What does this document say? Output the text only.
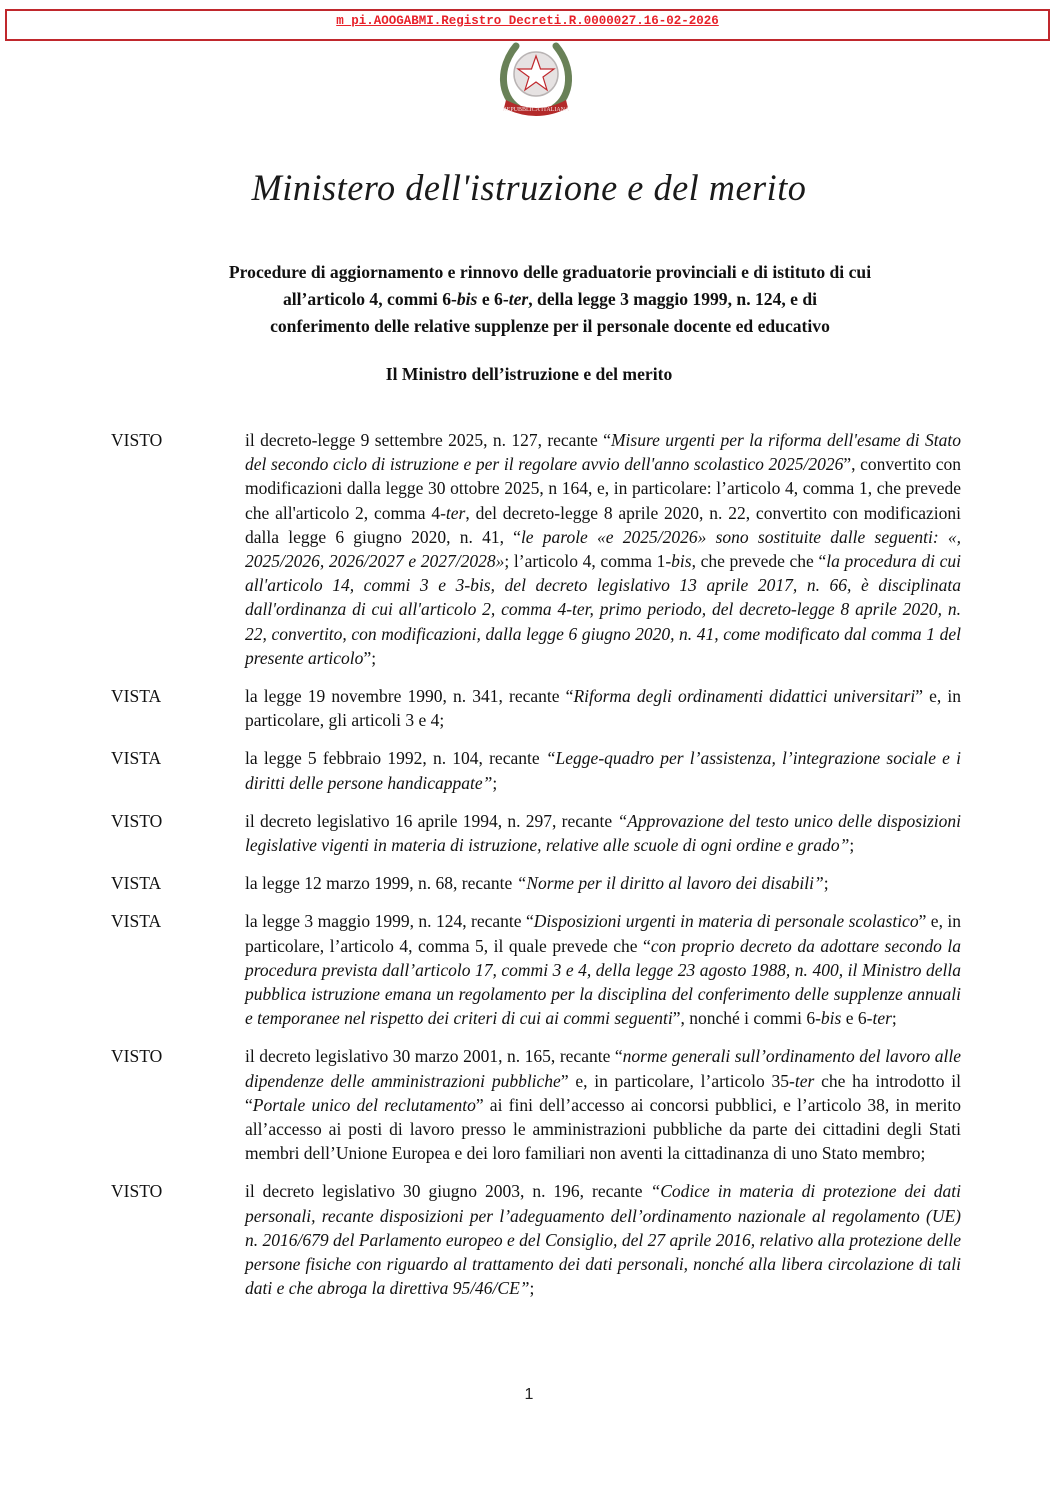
m_pi.AOOGABMI.Registro Decreti.R.0000027.16-02-2026
REPUBBLICA ITALIANA
Ministero dell'istruzione e del merito
Procedure di aggiornamento e rinnovo delle graduatorie provinciali e di istituto di cui
all’articolo 4, commi 6-bis e 6-ter, della legge 3 maggio 1999, n. 124, e di
conferimento delle relative supplenze per il personale docente ed educativo
Il Ministro dell’istruzione e del merito
VISTO	il decreto-legge 9 settembre 2025, n. 127, recante “Misure urgenti per la riforma dell'esame di Stato del secondo ciclo di istruzione e per il regolare avvio dell'anno scolastico 2025/2026”, convertito con modificazioni dalla legge 30 ottobre 2025, n 164, e, in particolare: l’articolo 4, comma 1, che prevede che all'articolo 2, comma 4-ter, del decreto-legge 8 aprile 2020, n. 22, convertito con modificazioni dalla legge 6 giugno 2020, n. 41, “le parole «e 2025/2026» sono sostituite dalle seguenti: «, 2025/2026, 2026/2027 e 2027/2028»; l’articolo 4, comma 1-bis, che prevede che “la procedura di cui all'articolo 14, commi 3 e 3-bis, del decreto legislativo 13 aprile 2017, n. 66, è disciplinata dall'ordinanza di cui all'articolo 2, comma 4-ter, primo periodo, del decreto-legge 8 aprile 2020, n. 22, convertito, con modificazioni, dalla legge 6 giugno 2020, n. 41, come modificato dal comma 1 del presente articolo”;
VISTA	la legge 19 novembre 1990, n. 341, recante “Riforma degli ordinamenti didattici universitari” e, in particolare, gli articoli 3 e 4;
VISTA	la legge 5 febbraio 1992, n. 104, recante “Legge-quadro per l’assistenza, l’integrazione sociale e i diritti delle persone handicappate”;
VISTO	il decreto legislativo 16 aprile 1994, n. 297, recante “Approvazione del testo unico delle disposizioni legislative vigenti in materia di istruzione, relative alle scuole di ogni ordine e grado”;
VISTA	la legge 12 marzo 1999, n. 68, recante “Norme per il diritto al lavoro dei disabili”;
VISTA	la legge 3 maggio 1999, n. 124, recante “Disposizioni urgenti in materia di personale scolastico” e, in particolare, l’articolo 4, comma 5, il quale prevede che “con proprio decreto da adottare secondo la procedura prevista dall’articolo 17, commi 3 e 4, della legge 23 agosto 1988, n. 400, il Ministro della pubblica istruzione emana un regolamento per la disciplina del conferimento delle supplenze annuali e temporanee nel rispetto dei criteri di cui ai commi seguenti”, nonché i commi 6-bis e 6-ter;
VISTO	il decreto legislativo 30 marzo 2001, n. 165, recante “norme generali sull’ordinamento del lavoro alle dipendenze delle amministrazioni pubbliche” e, in particolare, l’articolo 35-ter che ha introdotto il “Portale unico del reclutamento” ai fini dell’accesso ai concorsi pubblici, e l’articolo 38, in merito all’accesso ai posti di lavoro presso le amministrazioni pubbliche da parte dei cittadini degli Stati membri dell’Unione Europea e dei loro familiari non aventi la cittadinanza di uno Stato membro;
VISTO	il decreto legislativo 30 giugno 2003, n. 196, recante “Codice in materia di protezione dei dati personali, recante disposizioni per l’adeguamento dell’ordinamento nazionale al regolamento (UE) n. 2016/679 del Parlamento europeo e del Consiglio, del 27 aprile 2016, relativo alla protezione delle persone fisiche con riguardo al trattamento dei dati personali, nonché alla libera circolazione di tali dati e che abroga la direttiva 95/46/CE”;
1
